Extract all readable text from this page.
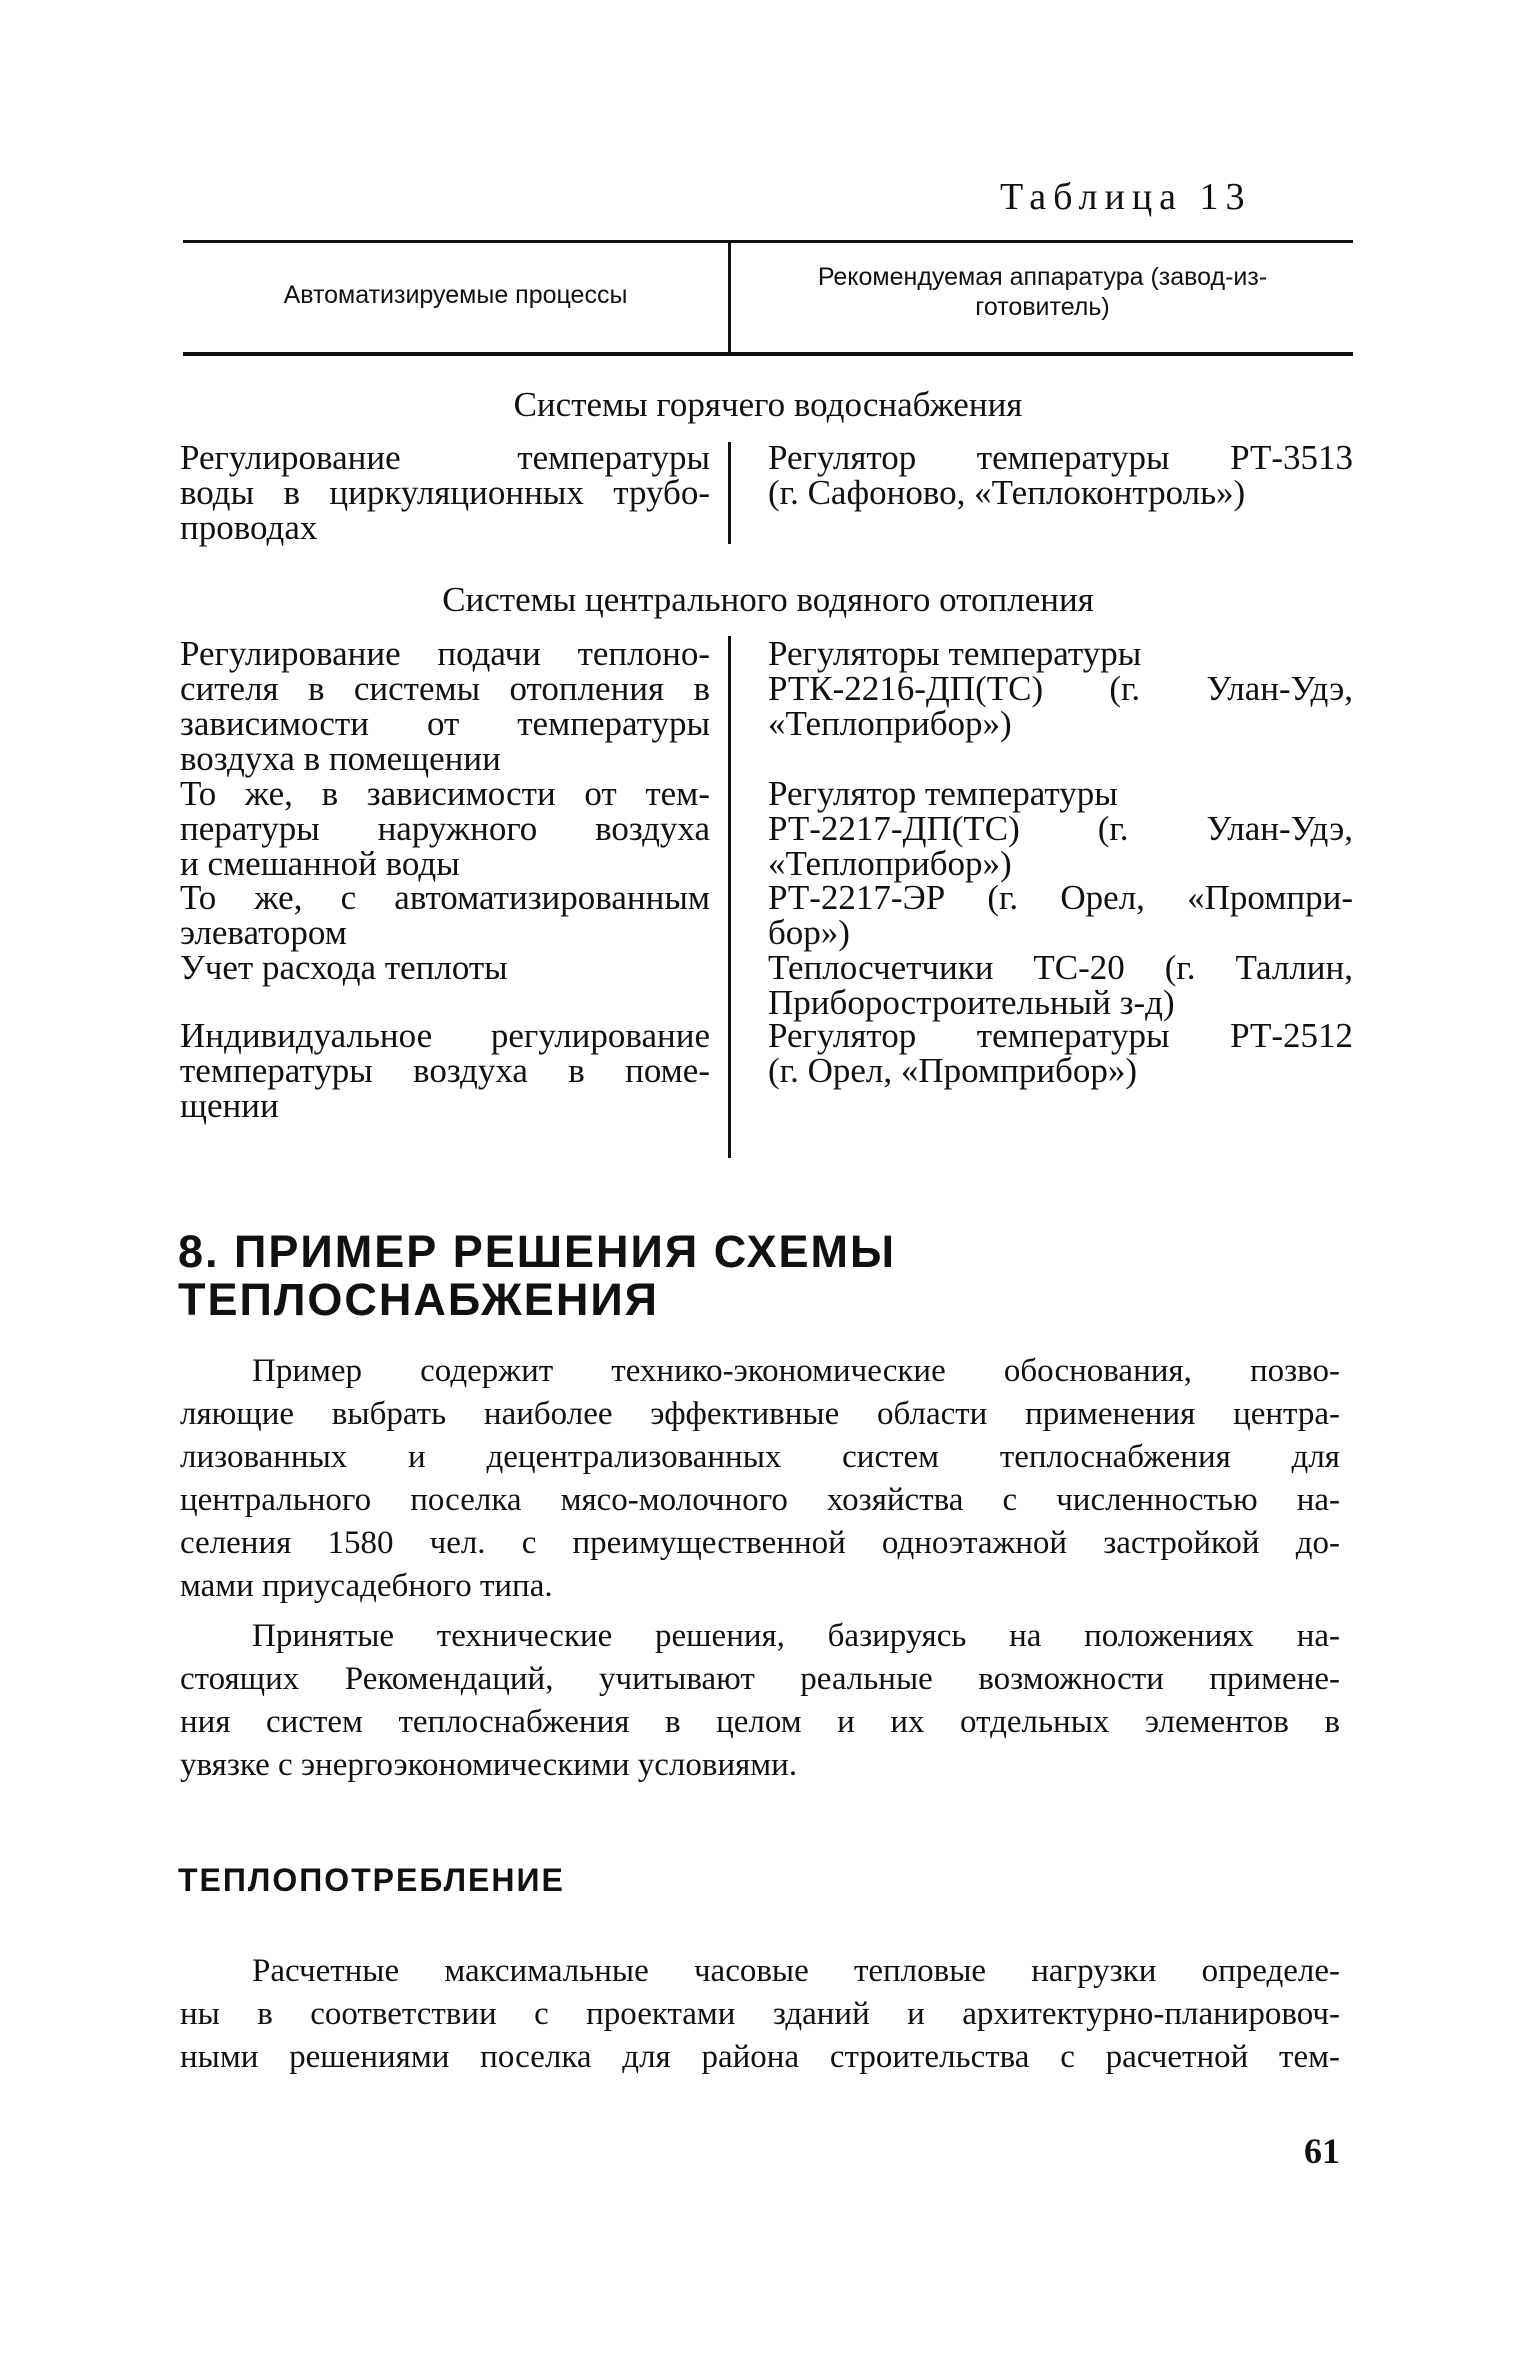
Таблица 13
Автоматизируемые процессы
Рекомендуемая аппаратура (завод-из-
готовитель)
Системы горячего водоснабжения
Регулирование температуры
воды в циркуляционных трубо-
проводах
Регулятор температуры РТ-3513
(г. Сафоново, «Теплоконтроль»)
Системы центрального водяного отопления
Регулирование подачи теплоно-
сителя в системы отопления в
зависимости от температуры
воздуха в помещении
Регуляторы температуры
РТК-2216-ДП(ТС) (г. Улан-Удэ,
«Теплоприбор»)
То же, в зависимости от тем-
пературы наружного воздуха
и смешанной воды
Регулятор температуры
РТ-2217-ДП(ТС) (г. Улан-Удэ,
«Теплоприбор»)
То же, с автоматизированным
элеватором
РТ-2217-ЭР (г. Орел, «Промпри-
бор»)
Учет расхода теплоты	Теплосчетчики ТС-20 (г. Таллин,
Приборостроительный з-д)
Индивидуальное регулирование
температуры воздуха в поме-
щении
Регулятор температуры РТ-2512
(г. Орел, «Промприбор»)
8. ПРИМЕР РЕШЕНИЯ СХЕМЫ
ТЕПЛОСНАБЖЕНИЯ
Пример содержит технико-экономические обоснования, позво-
ляющие выбрать наиболее эффективные области применения центра-
лизованных и децентрализованных систем теплоснабжения для
центрального поселка мясо-молочного хозяйства с численностью на-
селения 1580 чел. с преимущественной одноэтажной застройкой до-
мами приусадебного типа.
Принятые технические решения, базируясь на положениях на-
стоящих Рекомендаций, учитывают реальные возможности примене-
ния систем теплоснабжения в целом и их отдельных элементов в
увязке с энергоэкономическими условиями.
ТЕПЛОПОТРЕБЛЕНИЕ
Расчетные максимальные часовые тепловые нагрузки определе-
ны в соответствии с проектами зданий и архитектурно-планировоч-
ными решениями поселка для района строительства с расчетной тем-
61
